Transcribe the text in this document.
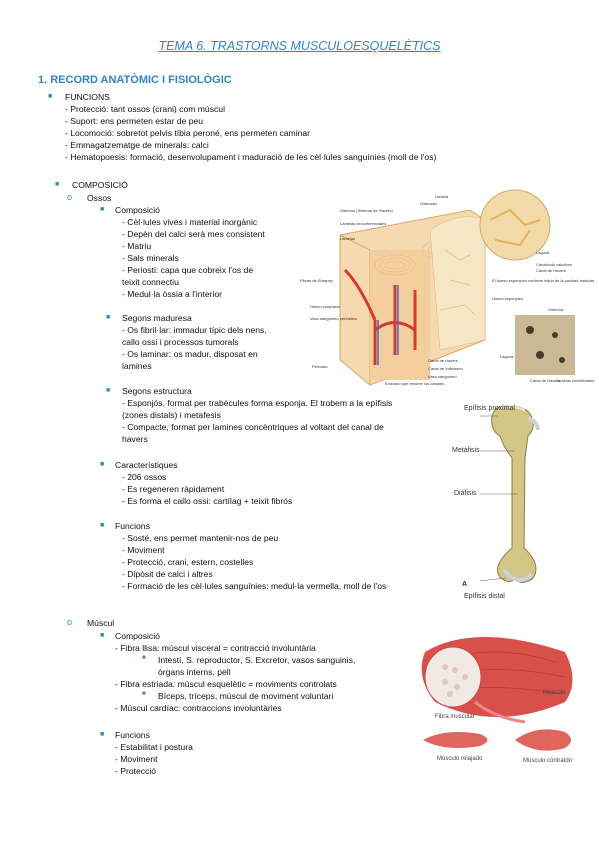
TEMA 6. TRASTORNS MUSCULOESQUELÈTICS
1. RECORD ANATÒMIC I FISIOLÒGIC
■ FUNCIONS
- Protecció: tant ossos (crani) com múscul
- Suport: ens permeten estar de peu
- Locomoció: sobretot pelvis tíbia peroné, ens permeten caminar
- Emmagatzematge de minerals: calci
- Hematopoesis: formació, desenvolupament i maduració de les cèl·lules sanguínies (moll de l'os)
■ COMPOSICIÓ
o Ossos
■ Composició
- Cèl·lules vives i material inorgànic
- Depèn del calci serà mes consistent
- Matriu
- Sals minerals
- Periosti: capa que cobreix l'os de
teixit connectiu
- Medul·la òssia a l'interior
■ Segons maduresa
- Os fibril·lar: immadur típic dels nens,
callo ossi i processos tumorals
- Os laminar: os madur, disposat en
lamines
■ Segons estructura
- Esponjós, format per trabècules forma esponja. El trobem a la epífisis
(zones distals) i metafesis
- Compacte, format per lamines concèntriques al voltant del canal de
havers
■ Característiques
- 206 ossos
- Es regeneren ràpidament
- Es forma el callo ossi: cartílag + teixit fibrós
■ Funcions
- Sosté, ens permet mantenir-nos de peu
- Moviment
- Protecció, crani, estern, costelles
- Dipòsit de calci i altres
- Formació de les cèl·lules sanguínies: medul·la vermella, moll de l'os
o Múscul
■ Composició
- Fibra llisa: múscul visceral = contracció involuntària
■ Intestí, S. reproductor, S. Excretor, vasos sanguinis,
òrgans interns, pell
- Fibra estriada: múscul esquelètic = moviments controlats
■ Bíceps, tríceps, múscul de moviment voluntari
- Múscul cardíac: contraccions involuntàries
■ Funcions
- Estabilitat i postura
- Moviment
- Protecció
Lamela
Osteocito
Osteona (Sistema de Havers)
Lamelas circunferenciales
Lamelas
Laguna
Canalículo calcóforo
Canal de Havers
El hueso esponjoso contiene tejido de la cavidad medular
Hueso esponjoso
Fibras de Sharpey
Hueso compacto
Vaso sanguíneo perióstico
Periostio
Endostio que recubre los canales
Canal de Havers
Canal de Volkmann
Vaso sanguíneo
Osteona
Laguna
Canal de Havers
Lamelas intersticiales
Epífisis proximal
Metáfisis
Diáfisis
A
Epífisis distal
Músculo
Fibra muscular
Músculo relajado	Músculo contraído
